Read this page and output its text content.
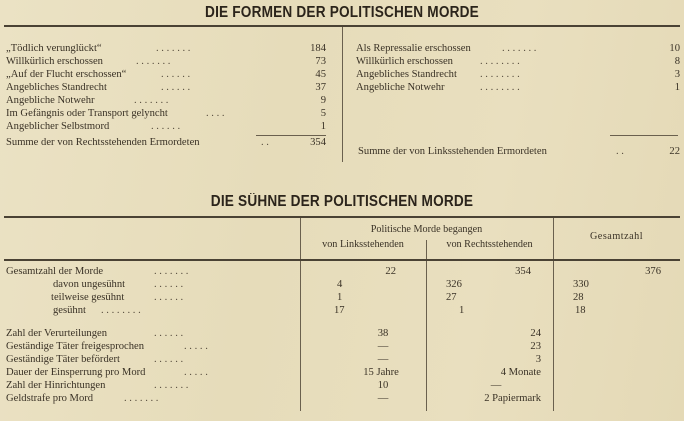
DIE FORMEN DER POLITISCHEN MORDE
„Tödlich verunglückt“	. . . . . . .	184
Willkürlich erschossen	. . . . . . .	73
„Auf der Flucht erschossen“	. . . . . .	45
Angebliches Standrecht	. . . . . .	37
Angebliche Notwehr	. . . . . . .	9
Im Gefängnis oder Transport gelyncht	. . . .	5
Angeblicher Selbstmord	. . . . . .	1
Summe der von Rechtsstehenden Ermordeten	. .	354
Als Repressalie erschossen	. . . . . . .	10
Willkürlich erschossen	. . . . . . . .	8
Angebliches Standrecht . . . . . . . .	3
Angebliche Notwehr	. . . . . . . .	1
Summe der von Linksstehenden Ermordeten	. .	22
DIE SÜHNE DER POLITISCHEN MORDE
Politische Morde begangen
von Linksstehenden	von Rechtsstehenden
Gesamtzahl
Gesamtzahl der Morde	. . . . . . .	22	354	376
davon ungesühnt	. . . . . .	4	326	330
teilweise gesühnt	. . . . . .	1	27	28
gesühnt . . . . . . . .	17	1	18
Zahl der Verurteilungen	. . . . . .	38	24
Geständige Täter freigesprochen	. . . . .	—	23
Geständige Täter befördert	. . . . . .	—	3
Dauer der Einsperrung pro Mord	. . . . .	15 Jahre	4 Monate
Zahl der Hinrichtungen	. . . . . . .	10	—
Geldstrafe pro Mord	. . . . . . .	—	2 Papiermark
